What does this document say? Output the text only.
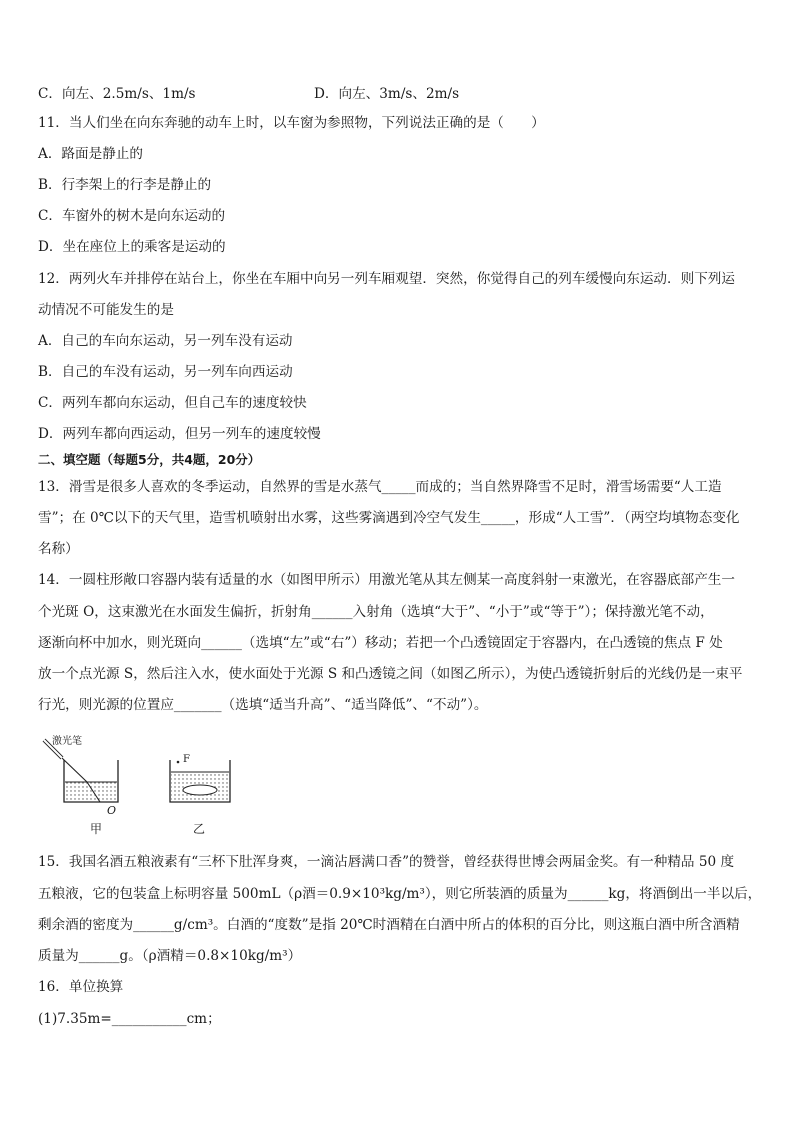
C．向左、2.5m/s、1m/s	D．向左、3m/s、2m/s
11．当人们坐在向东奔驰的动车上时，以车窗为参照物，下列说法正确的是（　　）
A．路面是静止的
B．行李架上的行李是静止的
C．车窗外的树木是向东运动的
D．坐在座位上的乘客是运动的
12．两列火车并排停在站台上，你坐在车厢中向另一列车厢观望．突然，你觉得自己的列车缓慢向东运动．则下列运
动情况不可能发生的是
A．自己的车向东运动，另一列车没有运动
B．自己的车没有运动，另一列车向西运动
C．两列车都向东运动，但自己车的速度较快
D．两列车都向西运动，但另一列车的速度较慢
二、填空题（每题5分，共4题，20分）
13．滑雪是很多人喜欢的冬季运动，自然界的雪是水蒸气_____而成的；当自然界降雪不足时，滑雪场需要“人工造
雪”；在 0℃以下的天气里，造雪机喷射出水雾，这些雾滴遇到冷空气发生_____，形成“人工雪”．（两空均填物态变化
名称）
14．一圆柱形敞口容器内装有适量的水（如图甲所示）用激光笔从其左侧某一高度斜射一束激光，在容器底部产生一
个光斑 O，这束激光在水面发生偏折，折射角______入射角（选填“大于”、“小于”或“等于”）；保持激光笔不动，
逐渐向杯中加水，则光斑向______（选填“左”或“右”）移动；若把一个凸透镜固定于容器内，在凸透镜的焦点 F 处
放一个点光源 S，然后注入水，使水面处于光源 S 和凸透镜之间（如图乙所示），为使凸透镜折射后的光线仍是一束平
行光，则光源的位置应_______（选填“适当升高”、“适当降低”、“不动”）。
激光笔
O
F
甲	乙
15．我国名酒五粮液素有“三杯下肚浑身爽，一滴沾唇满口香”的赞誉，曾经获得世博会两届金奖。有一种精品 50 度
五粮液，它的包装盒上标明容量 500mL（ρ酒＝0.9×10³kg/m³），则它所装酒的质量为______kg，将酒倒出一半以后，
剩余酒的密度为______g/cm³。白酒的“度数”是指 20℃时酒精在白酒中所占的体积的百分比，则这瓶白酒中所含酒精
质量为______g。（ρ酒精＝0.8×10kg/m³）
16．单位换算
(1)7.35m=___________cm；
